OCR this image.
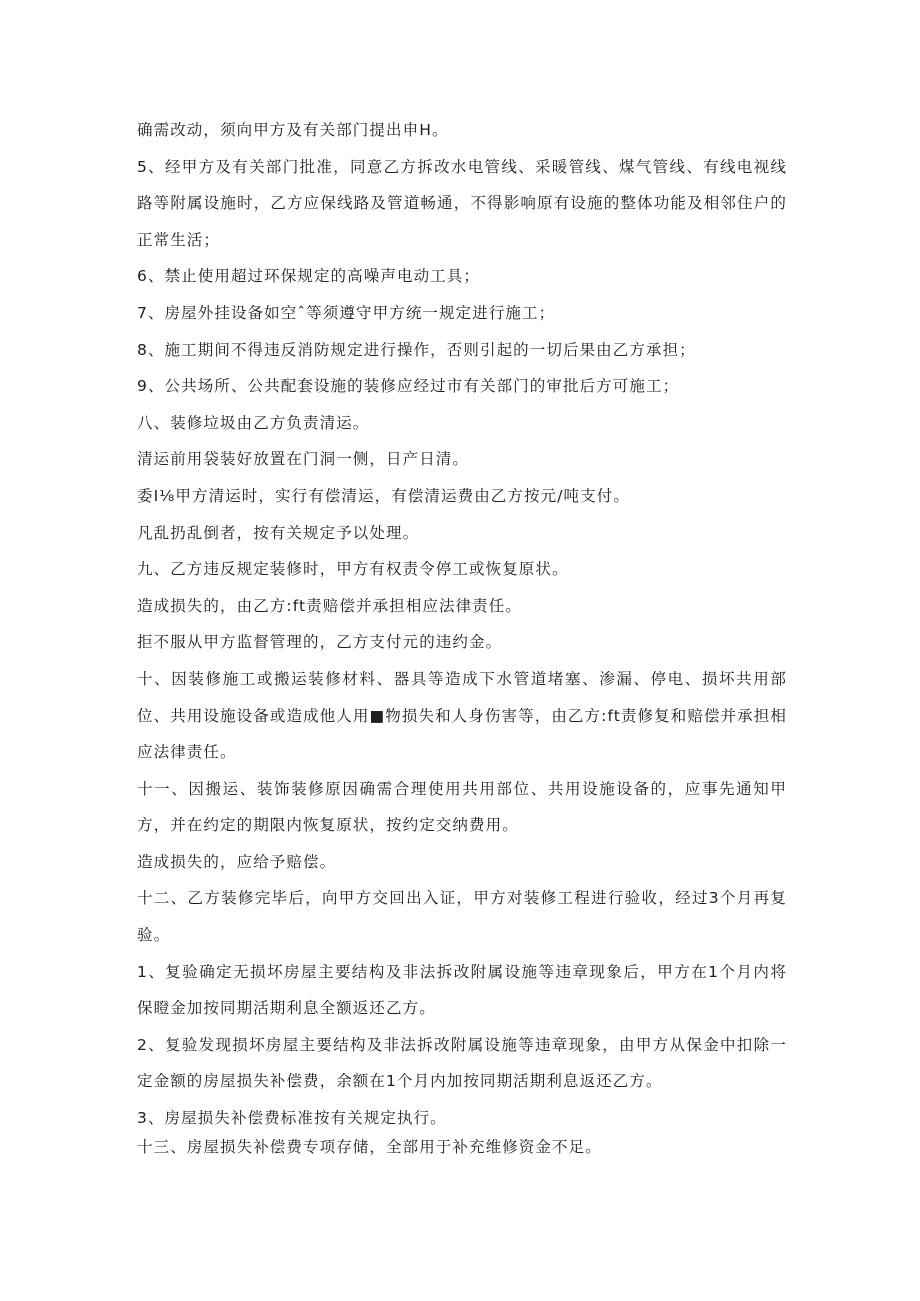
确需改动，须向甲方及有关部门提出申H。

5、经甲方及有关部门批准，同意乙方拆改水电管线、采暖管线、煤气管线、有线电视线路等附属设施时，乙方应保线路及管道畅通，不得影响原有设施的整体功能及相邻住户的正常生活；

6、禁止使用超过环保规定的高噪声电动工具；

7、房屋外挂设备如空ˆ等须遵守甲方统一规定进行施工；

8、施工期间不得违反消防规定进行操作，否则引起的一切后果由乙方承担；

9、公共场所、公共配套设施的装修应经过市有关部门的审批后方可施工；

八、装修垃圾由乙方负责清运。

清运前用袋装好放置在门洞一侧，日产日清。

委I⅛甲方清运时，实行有偿清运，有偿清运费由乙方按元/吨支付。

凡乱扔乱倒者，按有关规定予以处理。

九、乙方违反规定装修时，甲方有权责令停工或恢复原状。

造成损失的，由乙方:ft责赔偿并承担相应法律责任。

拒不服从甲方监督管理的，乙方支付元的违约金。

十、因装修施工或搬运装修材料、器具等造成下水管道堵塞、渗漏、停电、损坏共用部位、共用设施设备或造成他人用■物损失和人身伤害等，由乙方:ft责修复和赔偿并承担相应法律责任。

十一、因搬运、装饰装修原因确需合理使用共用部位、共用设施设备的，应事先通知甲方，并在约定的期限内恢复原状，按约定交纳费用。

造成损失的，应给予赔偿。

十二、乙方装修完毕后，向甲方交回出入证，甲方对装修工程进行验收，经过3个月再复验。

1、复验确定无损坏房屋主要结构及非法拆改附属设施等违章现象后，甲方在1个月内将保瞪金加按同期活期利息全额返还乙方。

2、复验发现损坏房屋主要结构及非法拆改附属设施等违章现象，由甲方从保金中扣除一定金额的房屋损失补偿费，余额在1个月内加按同期活期利息返还乙方。

3、房屋损失补偿费标准按有关规定执行。

十三、房屋损失补偿费专项存储，全部用于补充维修资金不足。
